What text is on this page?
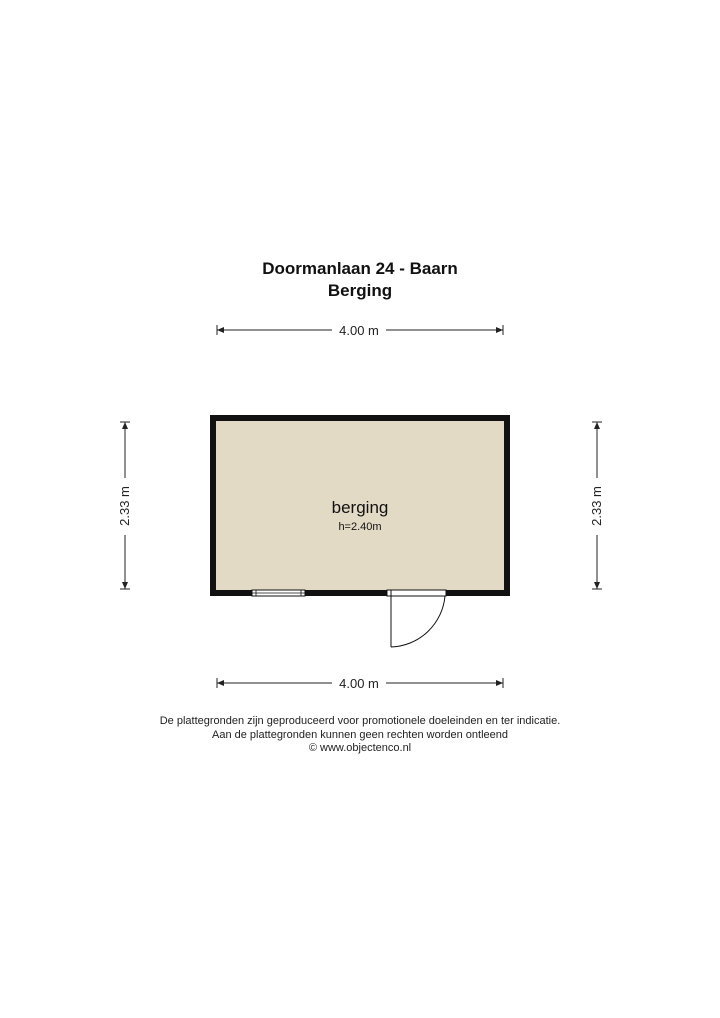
Doormanlaan 24 - Baarn
Berging
4.00 m
2.33 m	2.33 m
berging
h=2.40m
4.00 m
De plattegronden zijn geproduceerd voor promotionele doeleinden en ter indicatie.
Aan de plattegronden kunnen geen rechten worden ontleend
© www.objectenco.nl
